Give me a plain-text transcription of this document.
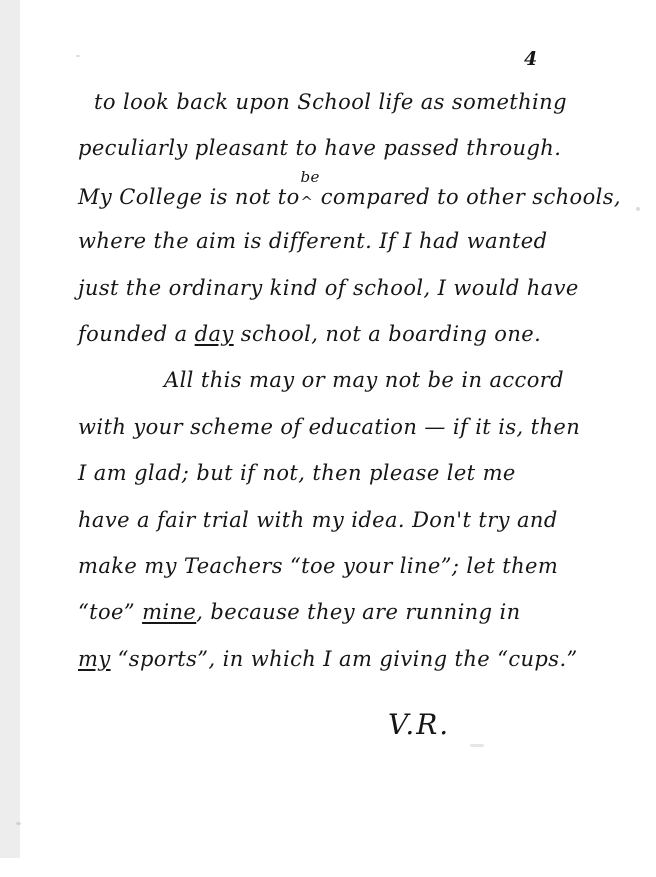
4
to look back upon School life as something
peculiarly pleasant to have passed through.
My College is not to
be
^ compared to other schools,
where the aim is different. If I had wanted
just the ordinary kind of school, I would have
founded a day school, not a boarding one.
All this may or may not be in accord
with your scheme of education — if it is, then
I am glad; but if not, then please let me
have a fair trial with my idea. Don't try and
make my Teachers “toe your line”; let them
“toe” mine, because they are running in
my “sports”, in which I am giving the “cups.”
V.R.
